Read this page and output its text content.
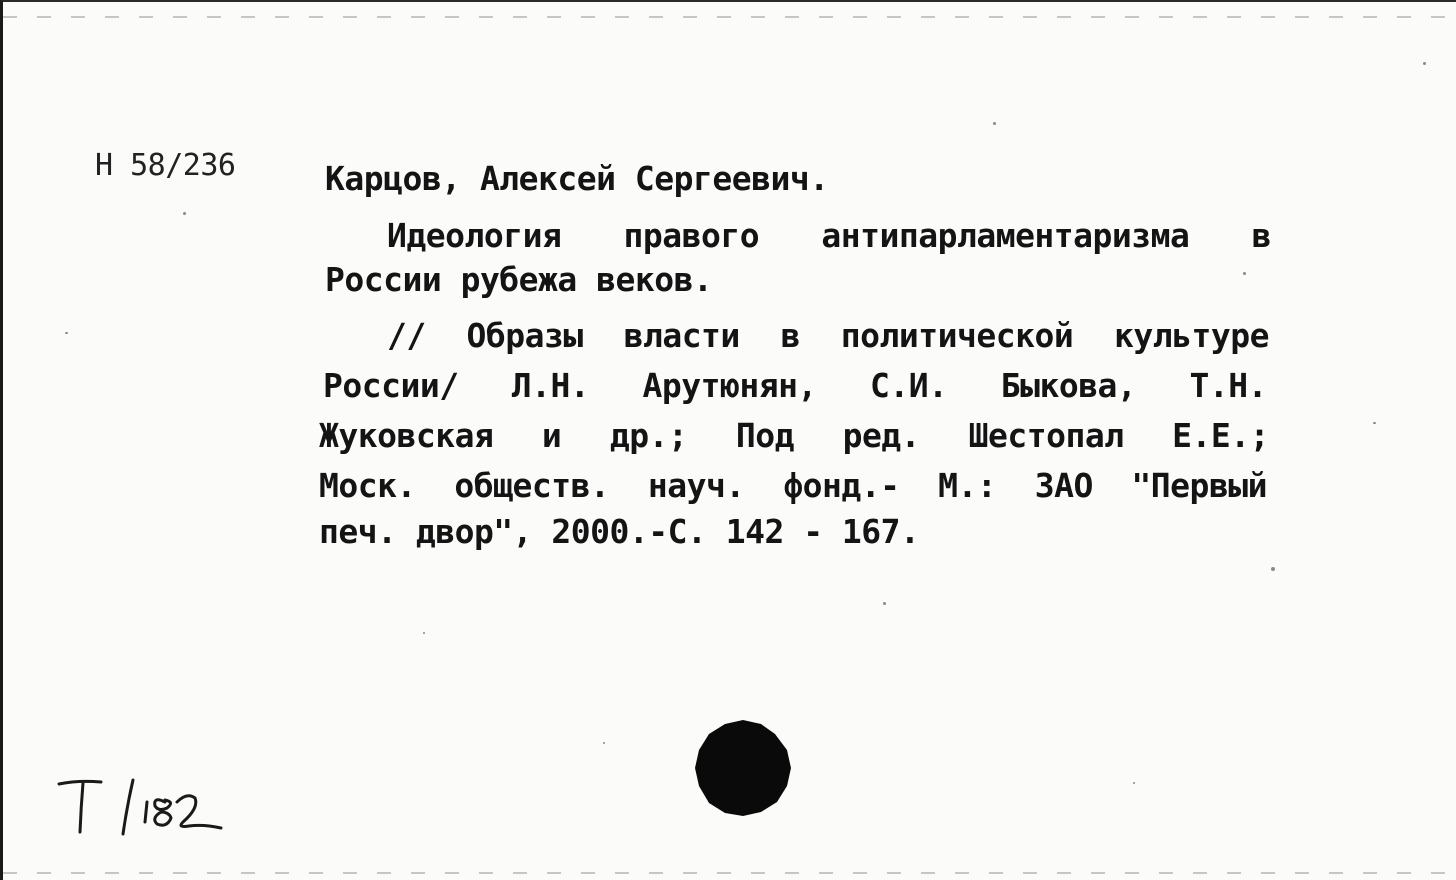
Н 58/236	Карцов, Алексей Сергеевич.
Идеология правого антипарламентаризма в
России рубежа веков.
// Образы власти в политической культуре
России/ Л.Н. Арутюнян, С.И. Быкова, Т.Н.
Жуковская и др.; Под ред. Шестопал Е.Е.;
Моск. обществ. науч. фонд.- М.: ЗАО "Первый
печ. двор", 2000.-С. 142 - 167.
